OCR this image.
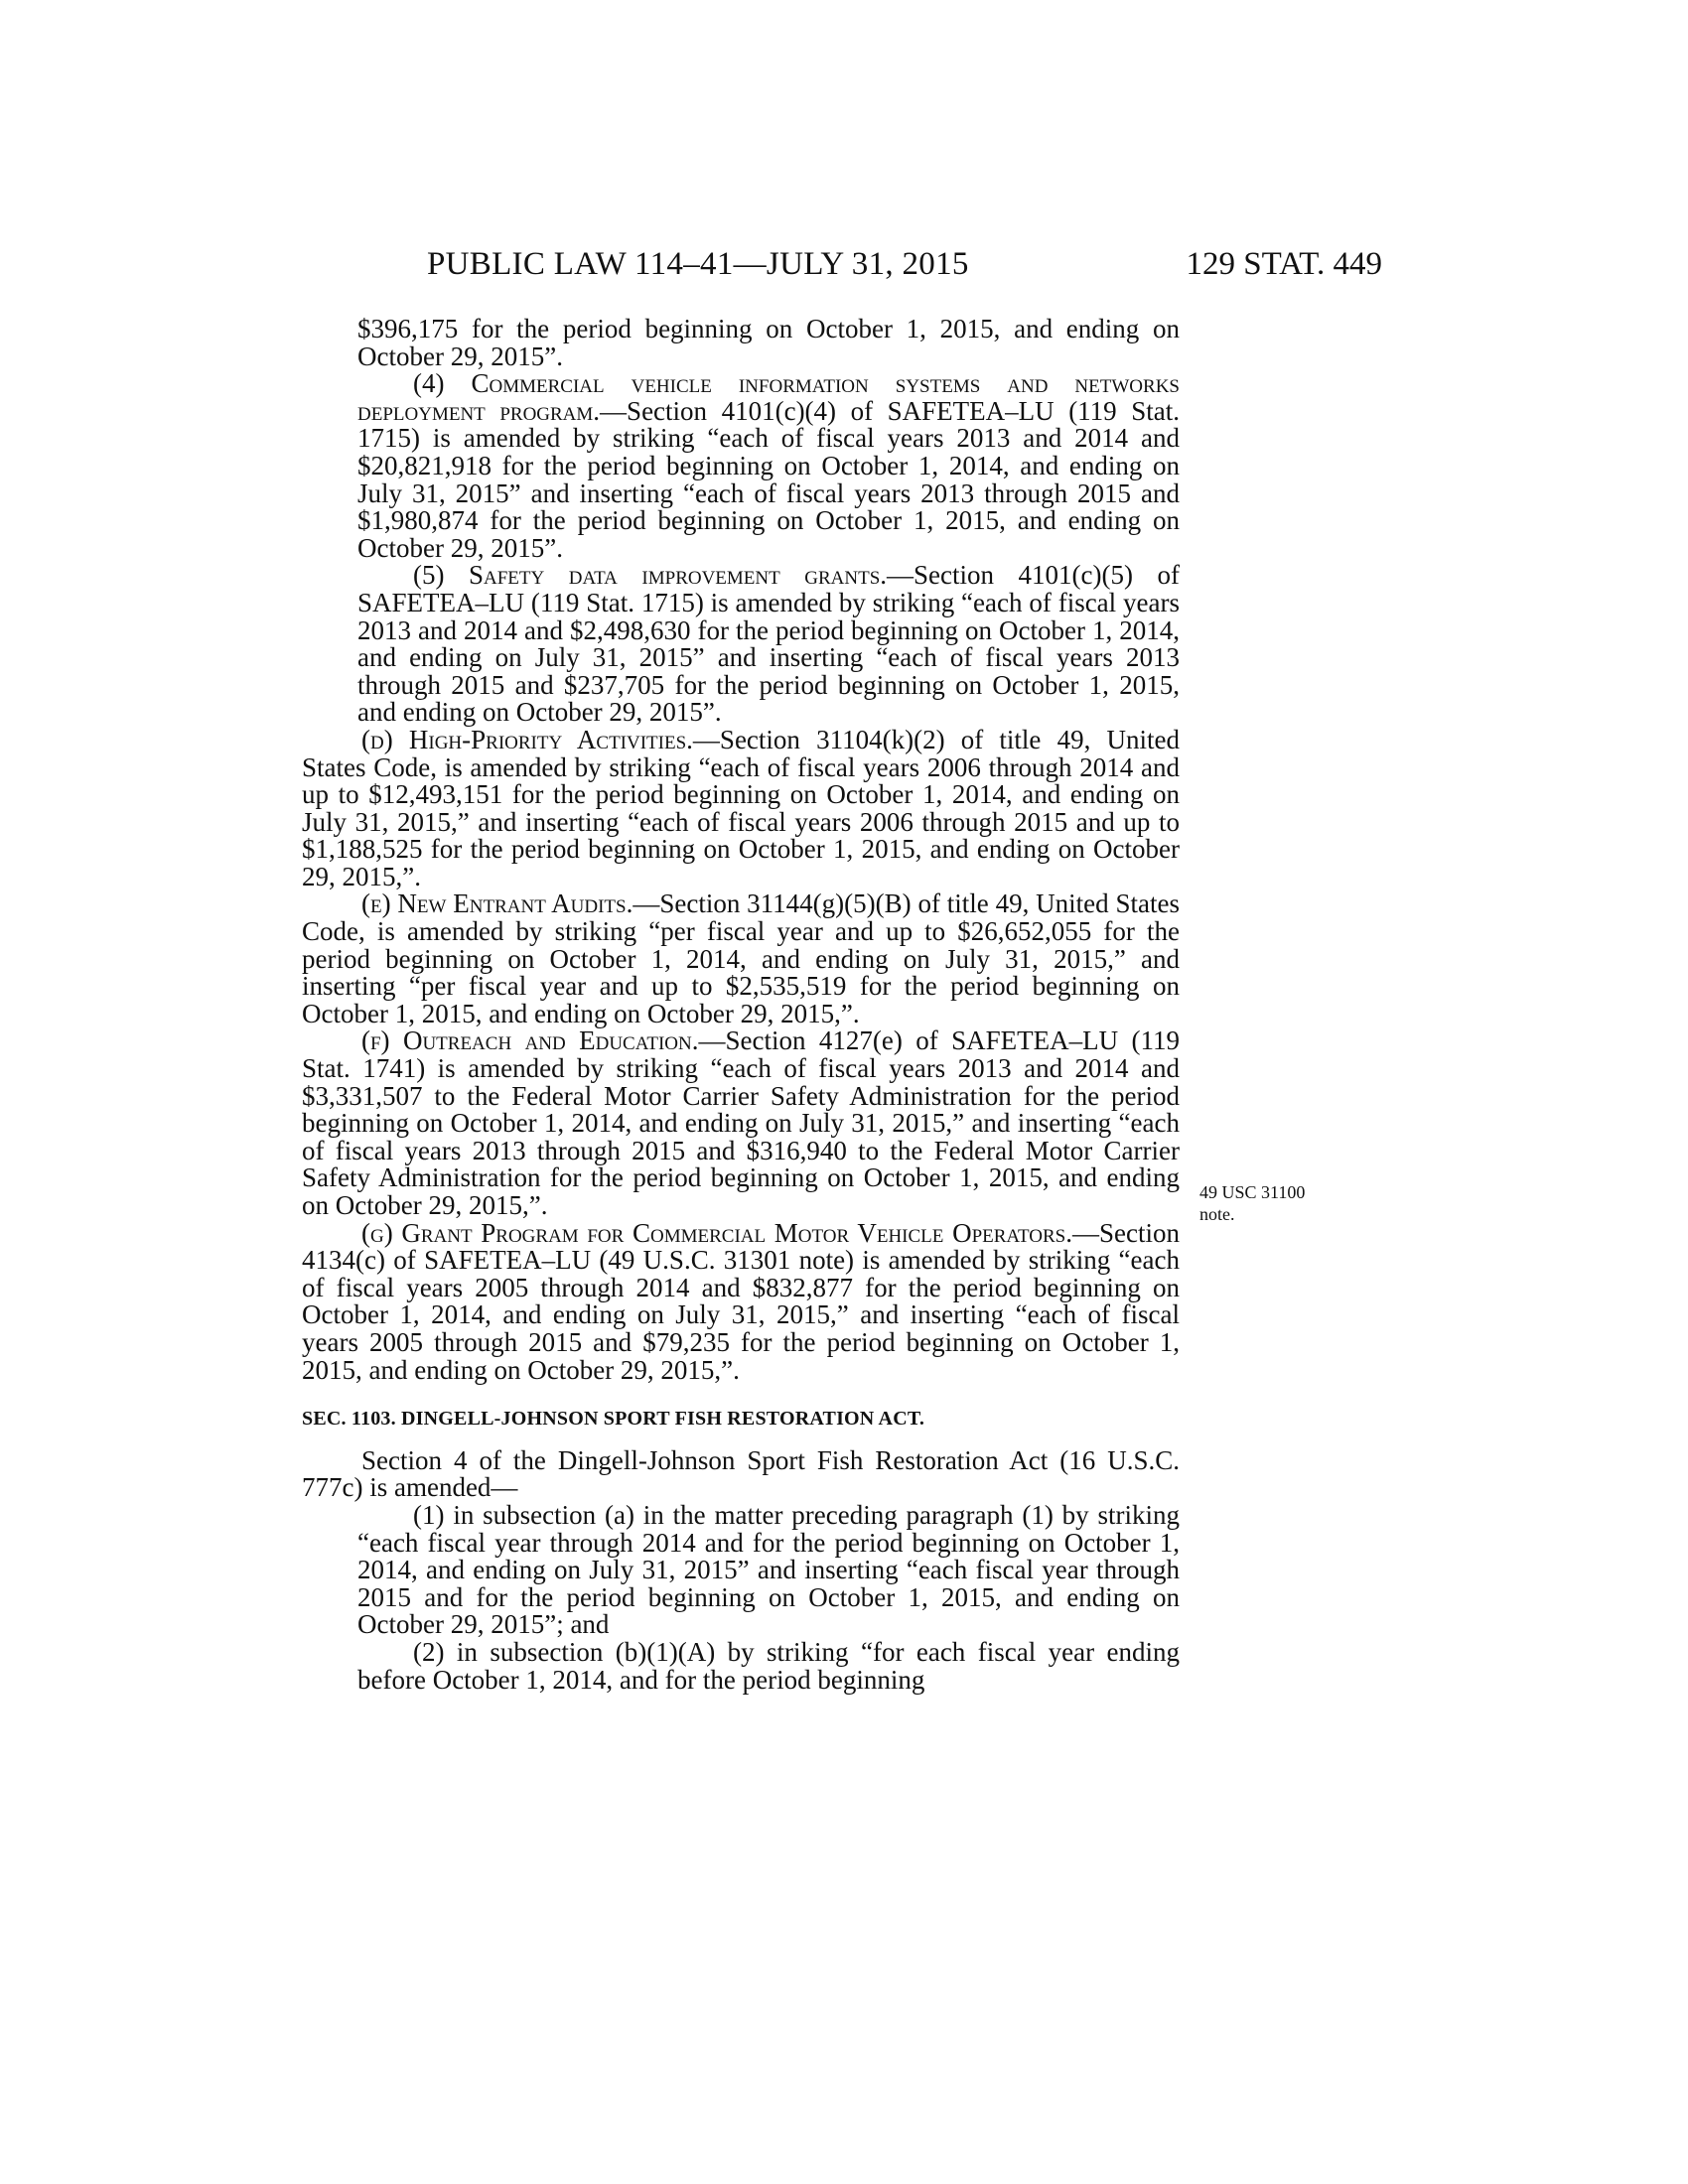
PUBLIC LAW 114–41—JULY 31, 2015	129 STAT. 449

$396,175 for the period beginning on October 1, 2015, and ending on October 29, 2015”.

(4) Commercial vehicle information systems and networks deployment program.—Section 4101(c)(4) of SAFETEA–LU (119 Stat. 1715) is amended by striking “each of fiscal years 2013 and 2014 and $20,821,918 for the period beginning on October 1, 2014, and ending on July 31, 2015” and inserting “each of fiscal years 2013 through 2015 and $1,980,874 for the period beginning on October 1, 2015, and ending on October 29, 2015”.

(5) Safety data improvement grants.—Section 4101(c)(5) of SAFETEA–LU (119 Stat. 1715) is amended by striking “each of fiscal years 2013 and 2014 and $2,498,630 for the period beginning on October 1, 2014, and ending on July 31, 2015” and inserting “each of fiscal years 2013 through 2015 and $237,705 for the period beginning on October 1, 2015, and ending on October 29, 2015”.

(d) High-Priority Activities.—Section 31104(k)(2) of title 49, United States Code, is amended by striking “each of fiscal years 2006 through 2014 and up to $12,493,151 for the period beginning on October 1, 2014, and ending on July 31, 2015,” and inserting “each of fiscal years 2006 through 2015 and up to $1,188,525 for the period beginning on October 1, 2015, and ending on October 29, 2015,”.

(e) New Entrant Audits.—Section 31144(g)(5)(B) of title 49, United States Code, is amended by striking “per fiscal year and up to $26,652,055 for the period beginning on October 1, 2014, and ending on July 31, 2015,” and inserting “per fiscal year and up to $2,535,519 for the period beginning on October 1, 2015, and ending on October 29, 2015,”.

(f) Outreach and Education.—Section 4127(e) of SAFETEA–LU (119 Stat. 1741) is amended by striking “each of fiscal years 2013 and 2014 and $3,331,507 to the Federal Motor Carrier Safety Administration for the period beginning on October 1, 2014, and ending on July 31, 2015,” and inserting “each of fiscal years 2013 through 2015 and $316,940 to the Federal Motor Carrier Safety Administration for the period beginning on October 1, 2015, and ending on October 29, 2015,”.

(g) Grant Program for Commercial Motor Vehicle Operators.—Section 4134(c) of SAFETEA–LU (49 U.S.C. 31301 note) is amended by striking “each of fiscal years 2005 through 2014 and $832,877 for the period beginning on October 1, 2014, and ending on July 31, 2015,” and inserting “each of fiscal years 2005 through 2015 and $79,235 for the period beginning on October 1, 2015, and ending on October 29, 2015,”.

SEC. 1103. DINGELL-JOHNSON SPORT FISH RESTORATION ACT.

Section 4 of the Dingell-Johnson Sport Fish Restoration Act (16 U.S.C. 777c) is amended—

(1) in subsection (a) in the matter preceding paragraph (1) by striking “each fiscal year through 2014 and for the period beginning on October 1, 2014, and ending on July 31, 2015” and inserting “each fiscal year through 2015 and for the period beginning on October 1, 2015, and ending on October 29, 2015”; and

(2) in subsection (b)(1)(A) by striking “for each fiscal year ending before October 1, 2014, and for the period beginning

49 USC 31100
note.
